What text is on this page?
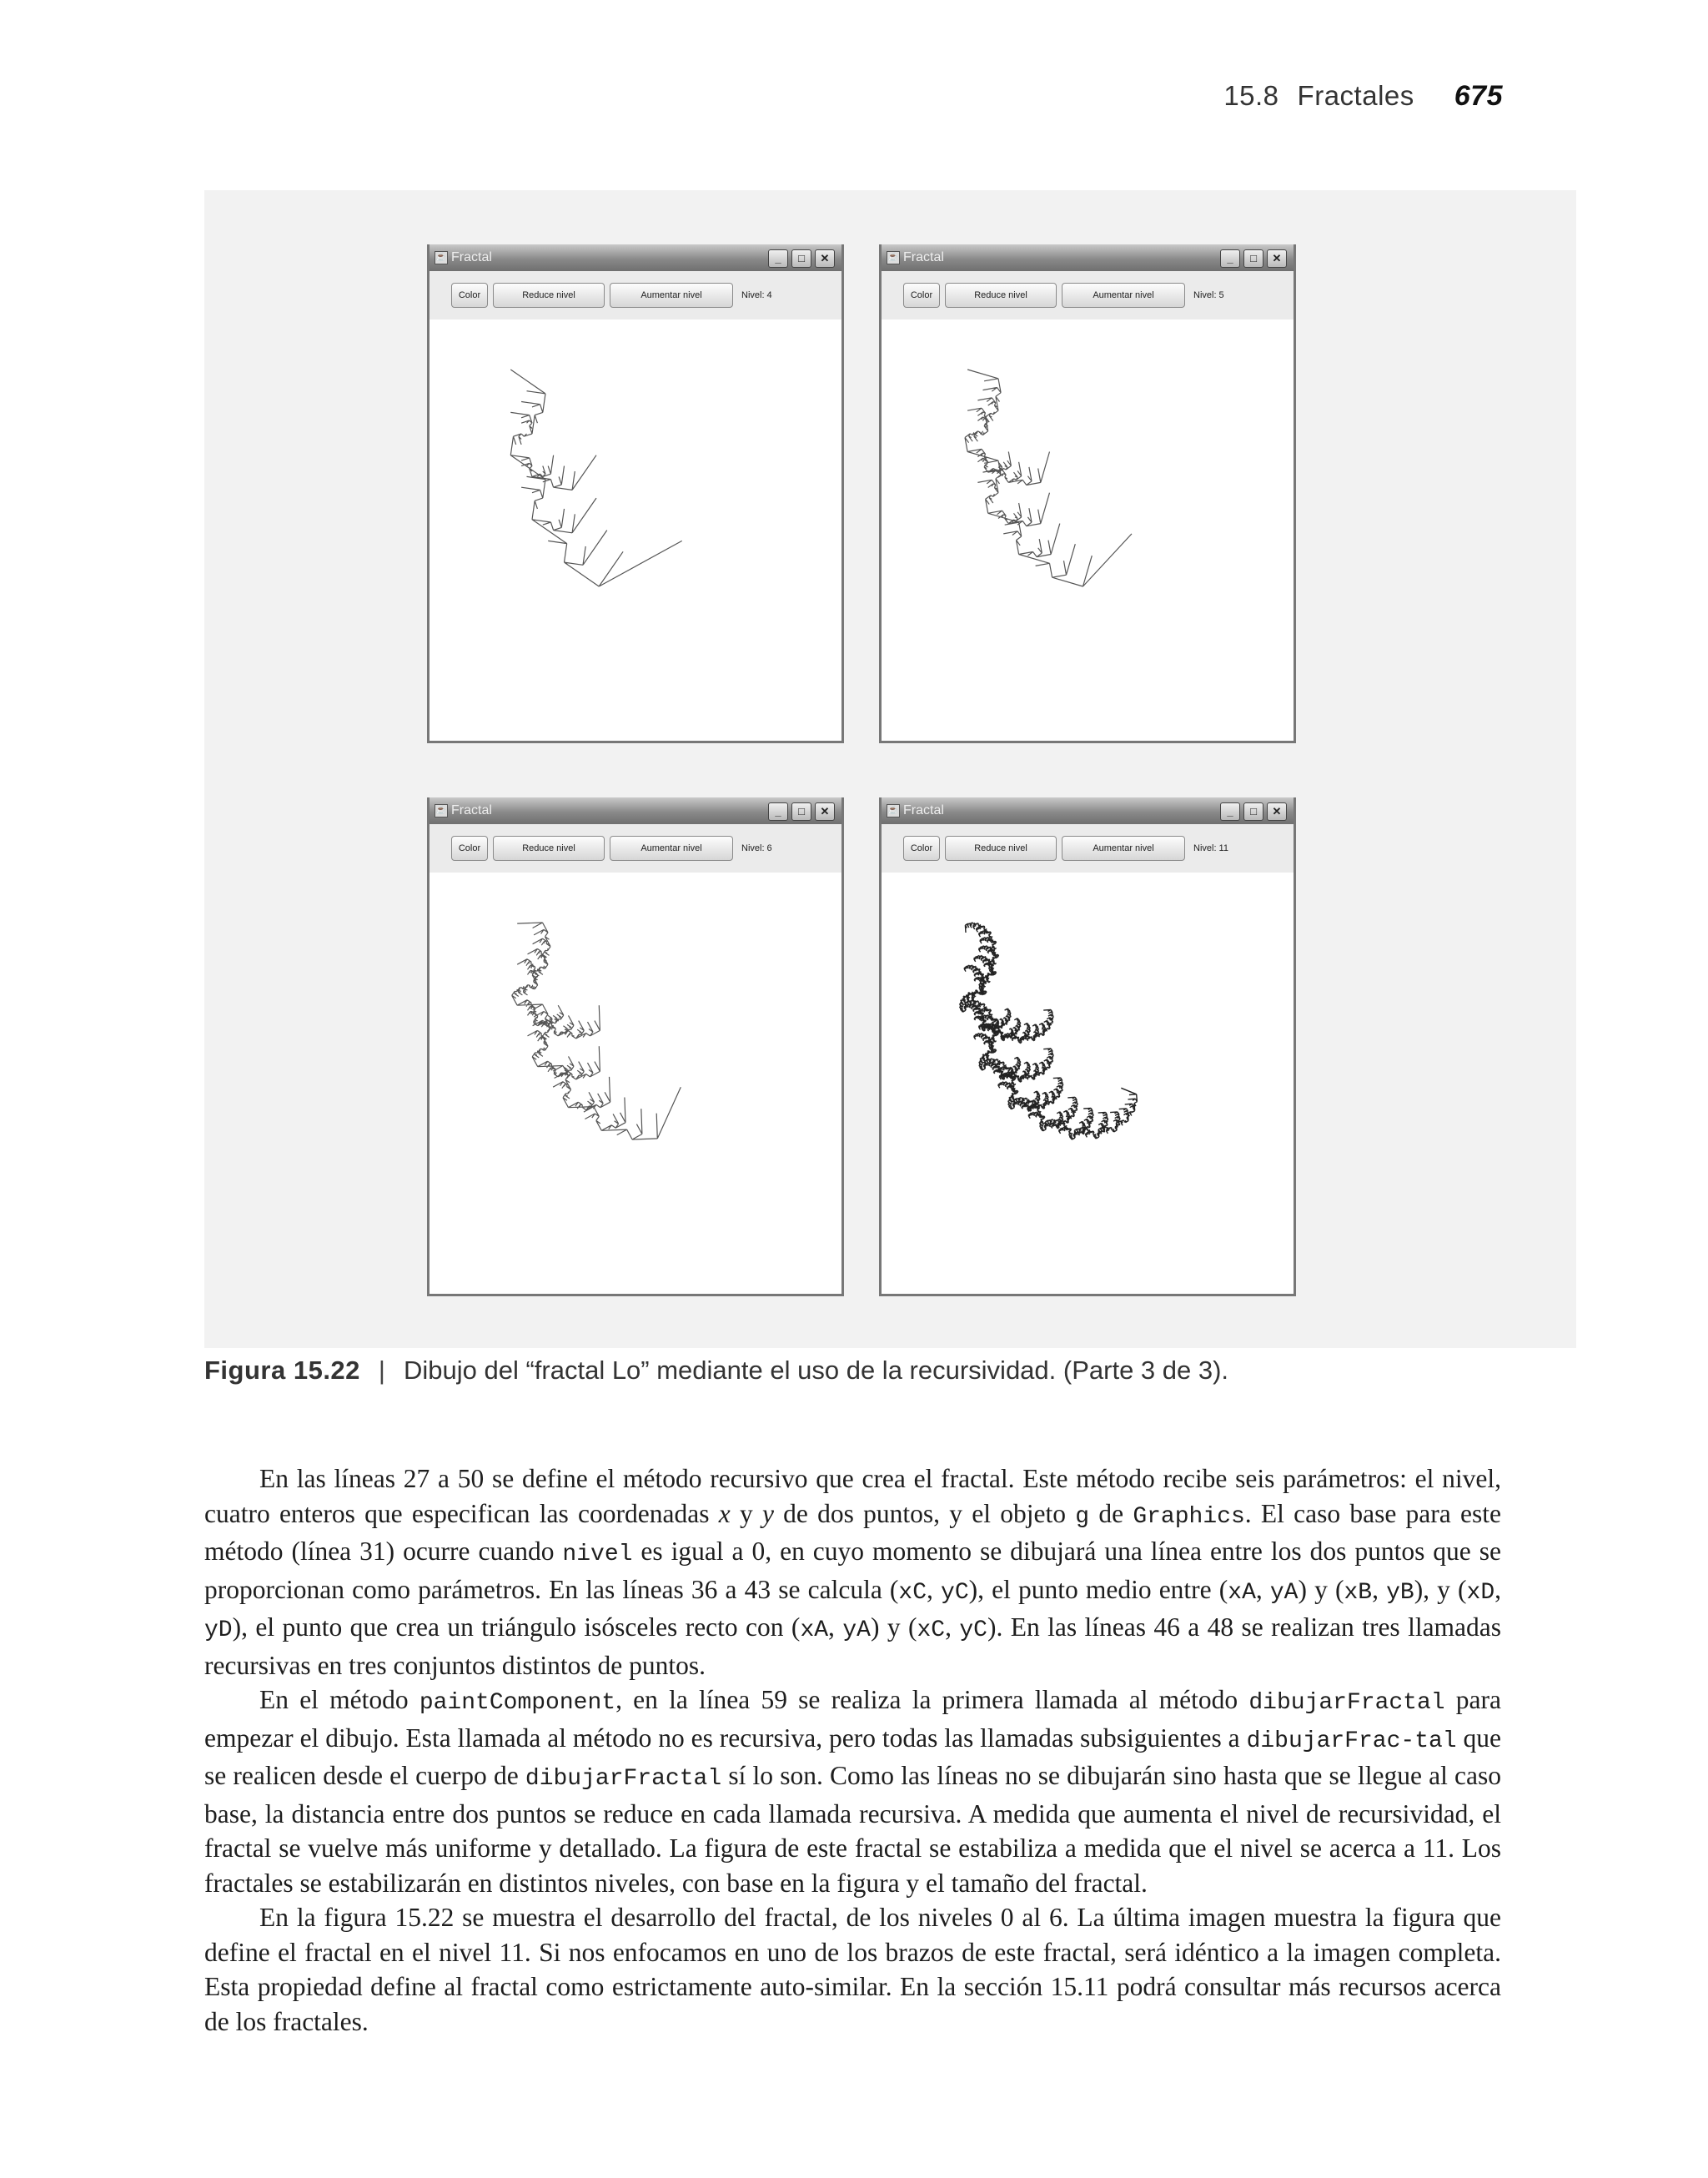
15.8 Fractales 675
☕ Fractal	_	□	✕
Color	Reduce nivel	Aumentar nivel	Nivel: 4
☕ Fractal	_	□	✕
Color	Reduce nivel	Aumentar nivel	Nivel: 5
☕ Fractal	_	□	✕
Color	Reduce nivel	Aumentar nivel	Nivel: 6
☕ Fractal	_	□	✕
Color	Reduce nivel	Aumentar nivel	Nivel: 11
Figura 15.22 | Dibujo del “fractal Lo” mediante el uso de la recursividad. (Parte 3 de 3).

En las líneas 27 a 50 se define el método recursivo que crea el fractal. Este método recibe seis parámetros: el nivel, cuatro enteros que especifican las coordenadas x y y de dos puntos, y el objeto g de Graphics. El caso base para este método (línea 31) ocurre cuando nivel es igual a 0, en cuyo momento se dibujará una línea entre los dos puntos que se proporcionan como parámetros. En las líneas 36 a 43 se calcula (xC, yC), el punto medio entre (xA, yA) y (xB, yB), y (xD, yD), el punto que crea un triángulo isósceles recto con (xA, yA) y (xC, yC). En las líneas 46 a 48 se realizan tres llamadas recursivas en tres conjuntos distintos de puntos.

En el método paintComponent, en la línea 59 se realiza la primera llamada al método dibujarFractal para empezar el dibujo. Esta llamada al método no es recursiva, pero todas las llamadas subsiguientes a dibujarFrac-tal que se realicen desde el cuerpo de dibujarFractal sí lo son. Como las líneas no se dibujarán sino hasta que se llegue al caso base, la distancia entre dos puntos se reduce en cada llamada recursiva. A medida que aumenta el nivel de recursividad, el fractal se vuelve más uniforme y detallado. La figura de este fractal se estabiliza a medida que el nivel se acerca a 11. Los fractales se estabilizarán en distintos niveles, con base en la figura y el tamaño del fractal.

En la figura 15.22 se muestra el desarrollo del fractal, de los niveles 0 al 6. La última imagen muestra la figura que define el fractal en el nivel 11. Si nos enfocamos en uno de los brazos de este fractal, será idéntico a la imagen completa. Esta propiedad define al fractal como estrictamente auto-similar. En la sección 15.11 podrá consultar más recursos acerca de los fractales.
